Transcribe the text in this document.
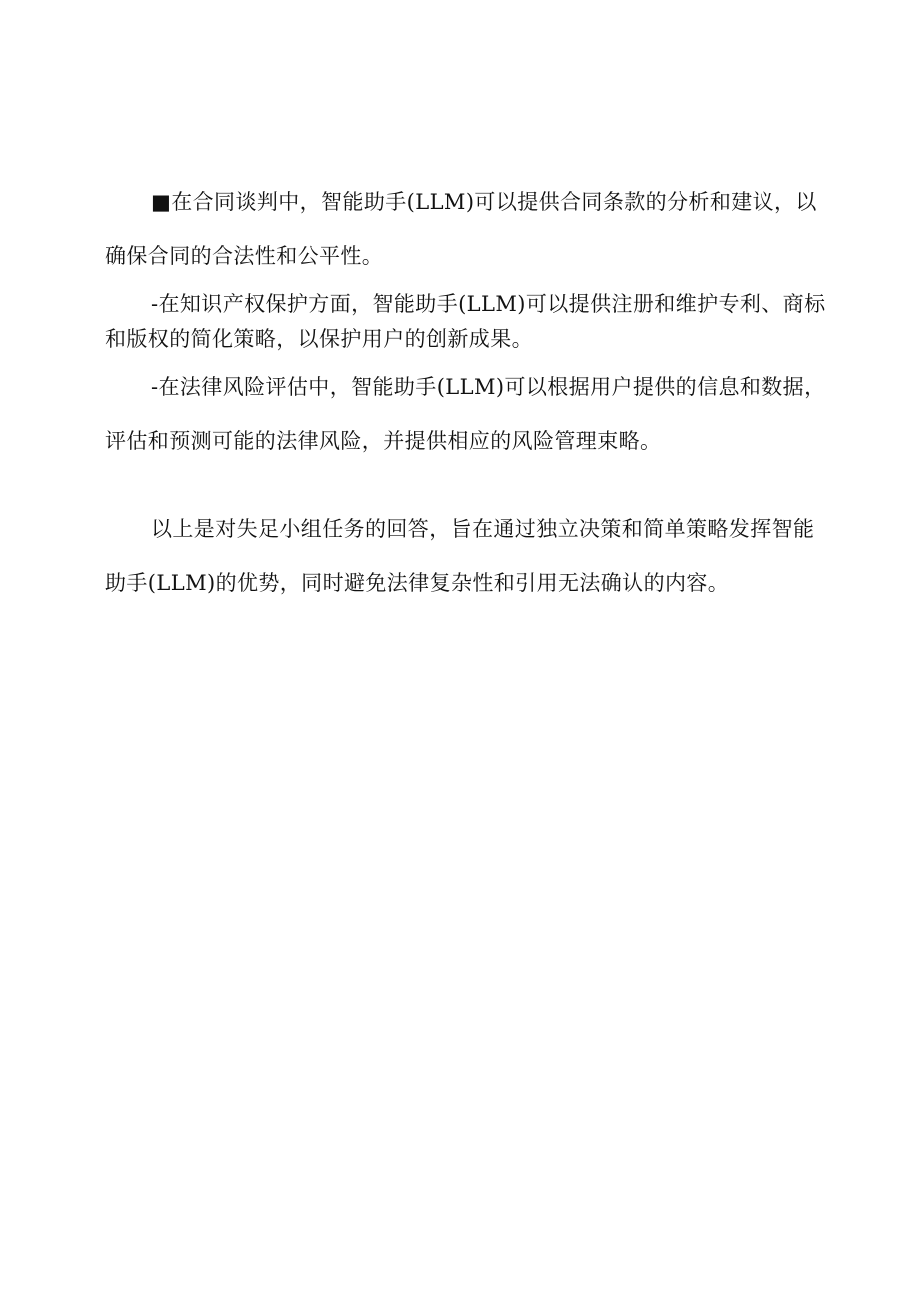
■在合同谈判中，智能助手(LLM)可以提供合同条款的分析和建议，以
确保合同的合法性和公平性。

-在知识产权保护方面，智能助手(LLM)可以提供注册和维护专利、商标
和版权的简化策略，以保护用户的创新成果。

-在法律风险评估中，智能助手(LLM)可以根据用户提供的信息和数据，
评估和预测可能的法律风险，并提供相应的风险管理束略。

以上是对失足小组任务的回答，旨在通过独立决策和简单策略发挥智能
助手(LLM)的优势，同时避免法律复杂性和引用无法确认的内容。
